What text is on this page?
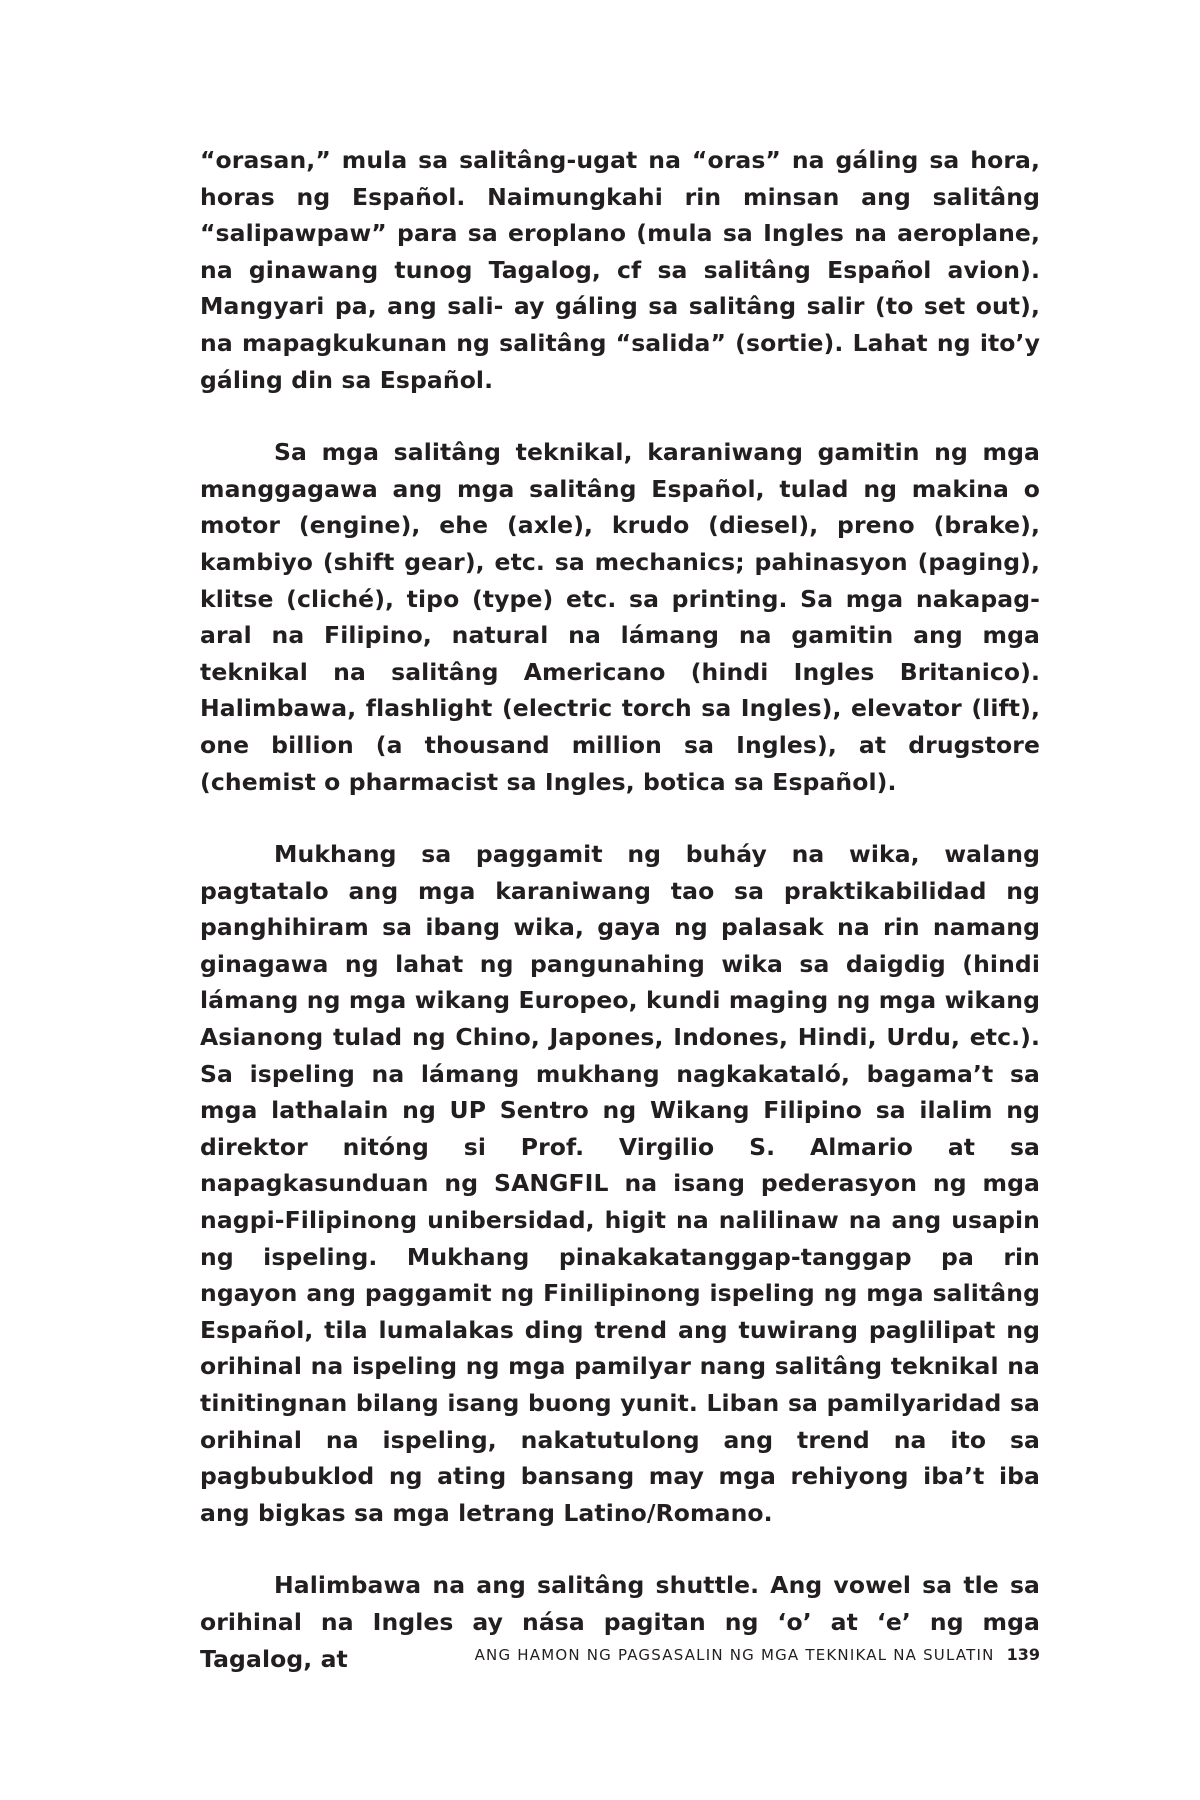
“orasan,” mula sa salitâng-ugat na “oras” na gáling sa hora, horas ng Español. Naimungkahi rin minsan ang salitâng “salipawpaw” para sa eroplano (mula sa Ingles na aeroplane, na ginawang tunog Tagalog, cf sa salitâng Español avion). Mangyari pa, ang sali- ay gáling sa salitâng salir (to set out), na mapagkukunan ng salitâng “salida” (sortie). Lahat ng ito’y gáling din sa Español.

Sa mga salitâng teknikal, karaniwang gamitin ng mga manggagawa ang mga salitâng Español, tulad ng makina o motor (engine), ehe (axle), krudo (diesel), preno (brake), kambiyo (shift gear), etc. sa mechanics; pahinasyon (paging), klitse (cliché), tipo (type) etc. sa printing. Sa mga nakapag-aral na Filipino, natural na lámang na gamitin ang mga teknikal na salitâng Americano (hindi Ingles Britanico). Halimbawa, flashlight (electric torch sa Ingles), elevator (lift), one billion (a thousand million sa Ingles), at drugstore (chemist o pharmacist sa Ingles, botica sa Español).

Mukhang sa paggamit ng buháy na wika, walang pagtatalo ang mga karaniwang tao sa praktikabilidad ng panghihiram sa ibang wika, gaya ng palasak na rin namang ginagawa ng lahat ng pangunahing wika sa daigdig (hindi lámang ng mga wikang Europeo, kundi maging ng mga wikang Asianong tulad ng Chino, Japones, Indones, Hindi, Urdu, etc.). Sa ispeling na lámang mukhang nagkakataló, bagama’t sa mga lathalain ng UP Sentro ng Wikang Filipino sa ilalim ng direktor nitóng si Prof. Virgilio S. Almario at sa napagkasunduan ng SANGFIL na isang pederasyon ng mga nagpi-Filipinong unibersidad, higit na nalilinaw na ang usapin ng ispeling. Mukhang pinakakatanggap-tanggap pa rin ngayon ang paggamit ng Finilipinong ispeling ng mga salitâng Español, tila lumalakas ding trend ang tuwirang paglilipat ng orihinal na ispeling ng mga pamilyar nang salitâng teknikal na tinitingnan bilang isang buong yunit. Liban sa pamilyaridad sa orihinal na ispeling, nakatutulong ang trend na ito sa pagbubuklod ng ating bansang may mga rehiyong iba’t iba ang bigkas sa mga letrang Latino/Romano.

Halimbawa na ang salitâng shuttle. Ang vowel sa tle sa orihinal na Ingles ay nása pagitan ng ‘o’ at ‘e’ ng mga Tagalog, at	ANG HAMON NG PAGSASALIN NG MGA TEKNIKAL NA SULATIN 139
